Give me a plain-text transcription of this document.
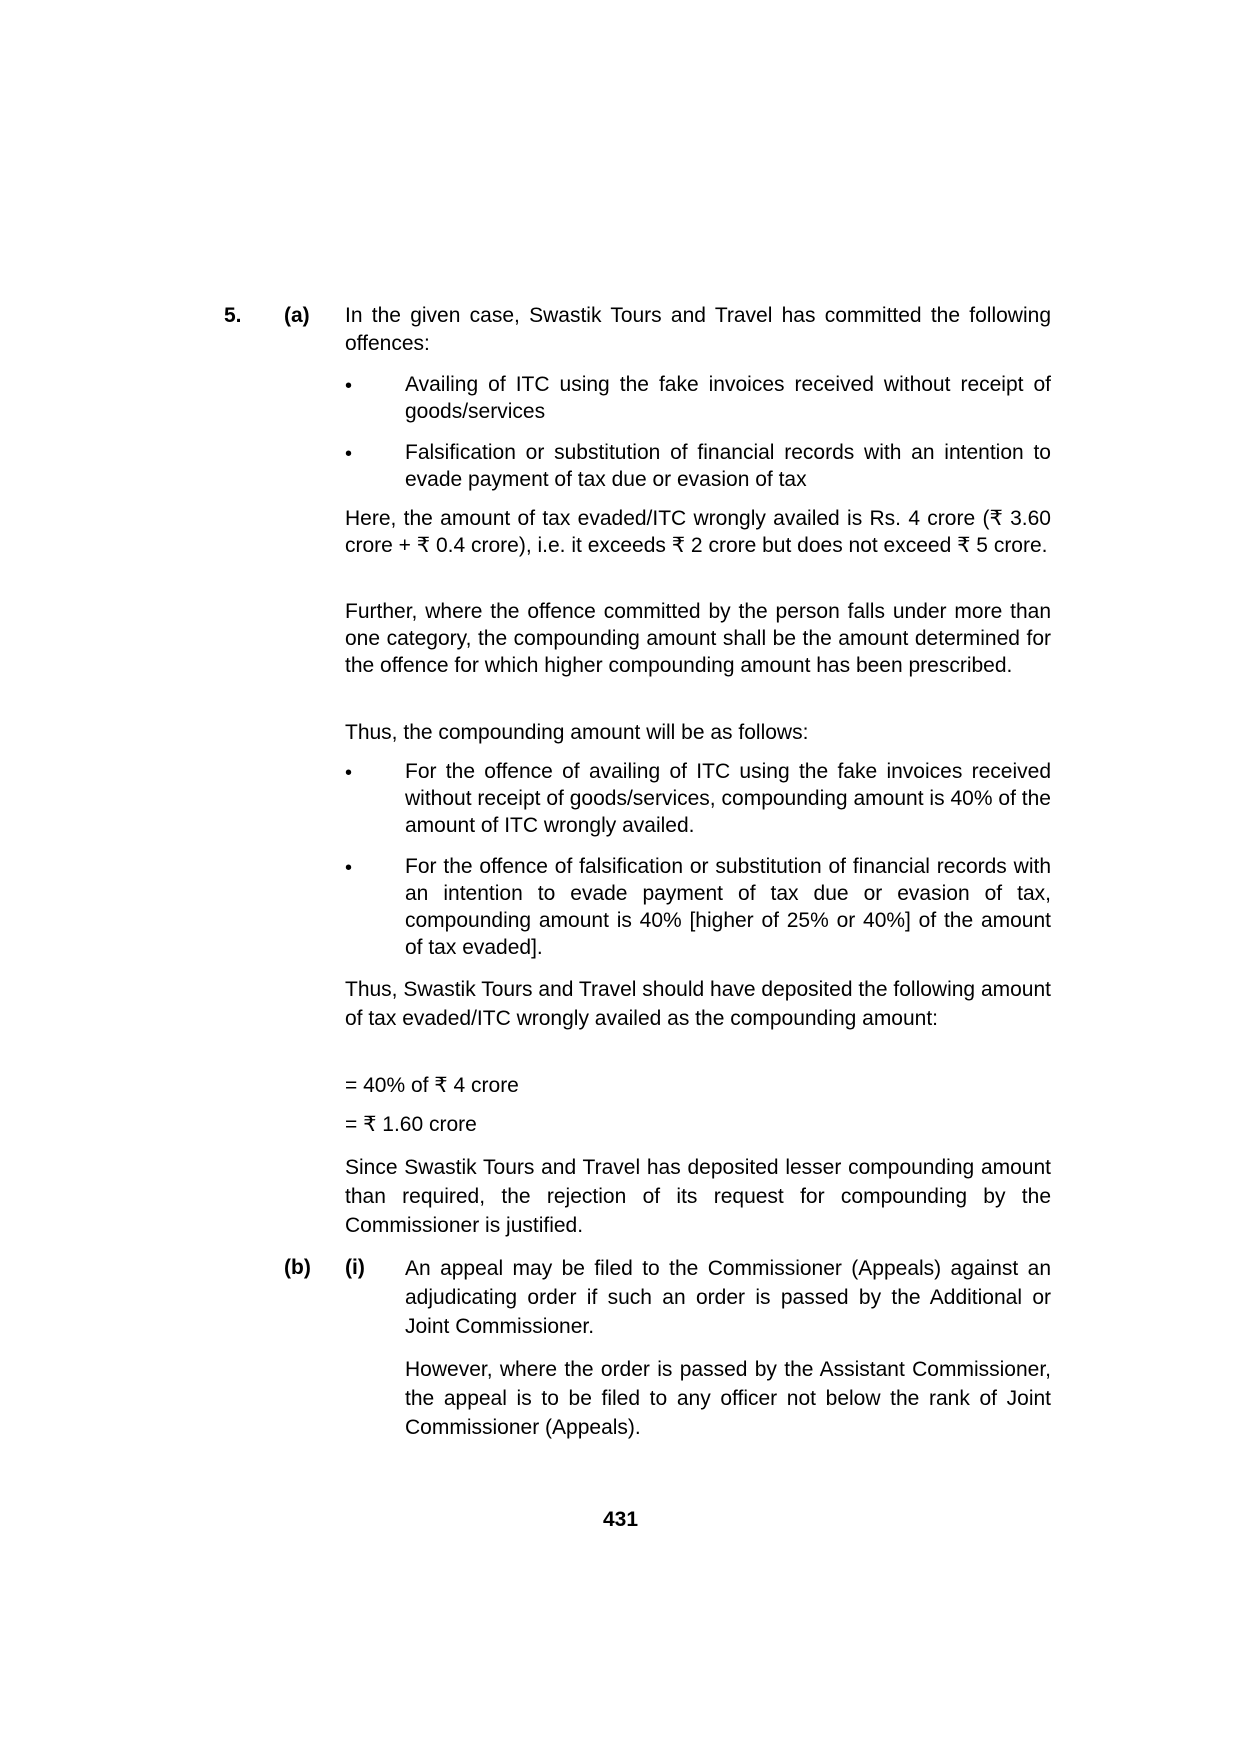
5. (a) In the given case, Swastik Tours and Travel has committed the following offences:

•	Availing of ITC using the fake invoices received without receipt of goods/services

•	Falsification or substitution of financial records with an intention to evade payment of tax due or evasion of tax

Here, the amount of tax evaded/ITC wrongly availed is Rs. 4 crore (₹ 3.60 crore + ₹ 0.4 crore), i.e. it exceeds ₹ 2 crore but does not exceed ₹ 5 crore.

Further, where the offence committed by the person falls under more than one category, the compounding amount shall be the amount determined for the offence for which higher compounding amount has been prescribed.

Thus, the compounding amount will be as follows:

•	For the offence of availing of ITC using the fake invoices received without receipt of goods/services, compounding amount is 40% of the amount of ITC wrongly availed.

•	For the offence of falsification or substitution of financial records with an intention to evade payment of tax due or evasion of tax, compounding amount is 40% [higher of 25% or 40%] of the amount of tax evaded].

Thus, Swastik Tours and Travel should have deposited the following amount of tax evaded/ITC wrongly availed as the compounding amount:

= 40% of ₹ 4 crore
= ₹ 1.60 crore

Since Swastik Tours and Travel has deposited lesser compounding amount than required, the rejection of its request for compounding by the Commissioner is justified.

(b) (i) An appeal may be filed to the Commissioner (Appeals) against an adjudicating order if such an order is passed by the Additional or Joint Commissioner.

However, where the order is passed by the Assistant Commissioner, the appeal is to be filed to any officer not below the rank of Joint Commissioner (Appeals).

431
